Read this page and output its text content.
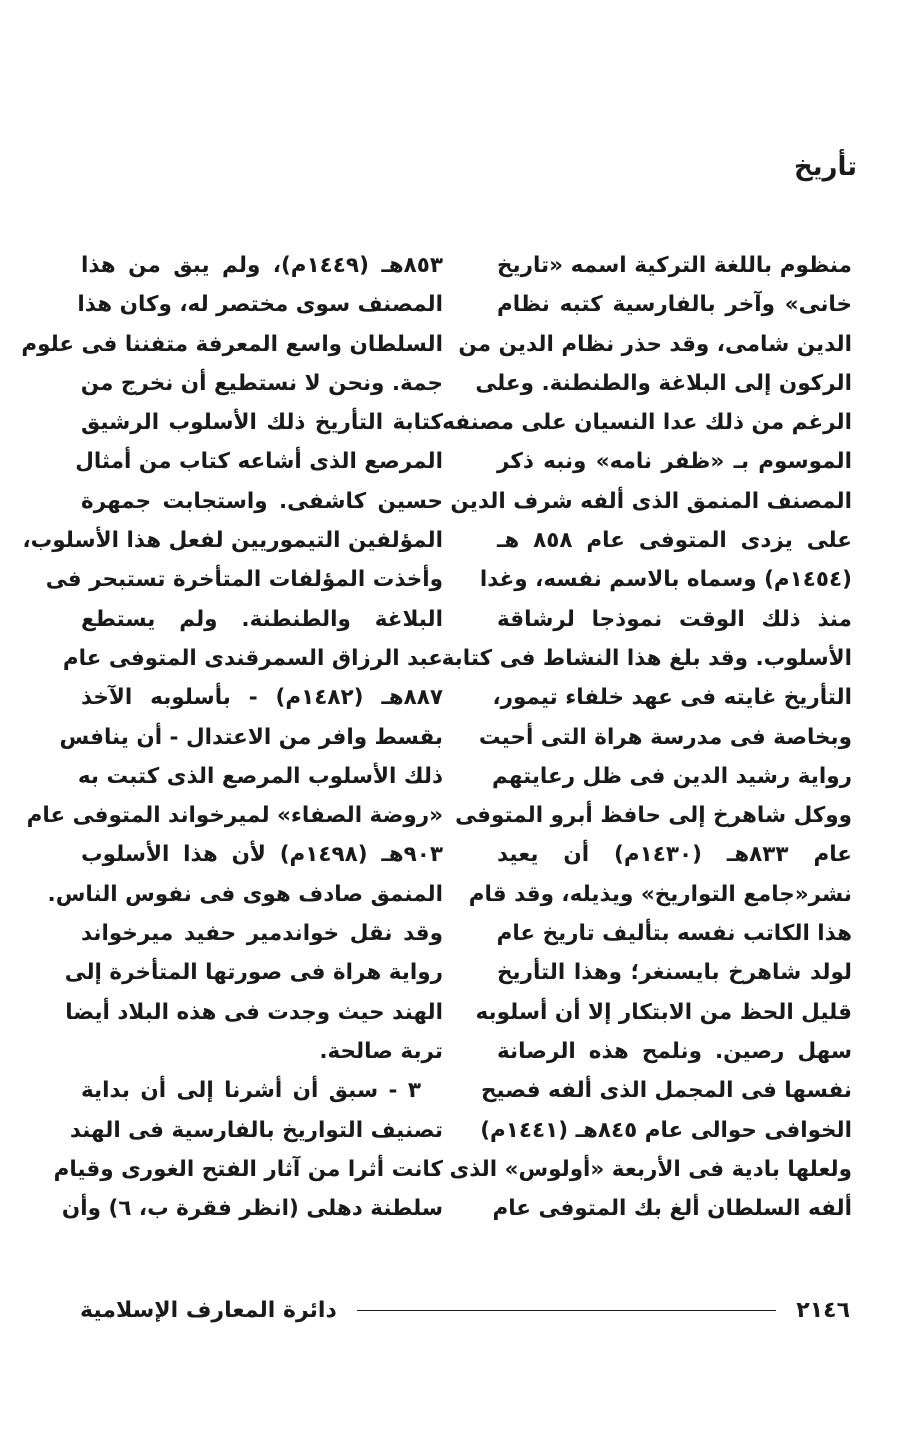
تأريخ
منظوم باللغة التركية اسمه «تاريخ
خانى» وآخر بالفارسية كتبه نظام
الدين شامى، وقد حذر نظام الدين من
الركون إلى البلاغة والطنطنة. وعلى
الرغم من ذلك عدا النسيان على مصنفه
الموسوم بـ «ظفر نامه» ونبه ذكر
المصنف المنمق الذى ألفه شرف الدين
على يزدى المتوفى عام ٨٥٨ هـ
(١٤٥٤م) وسماه بالاسم نفسه، وغدا
منذ ذلك الوقت نموذجا لرشاقة
الأسلوب. وقد بلغ هذا النشاط فى كتابة
التأريخ غايته فى عهد خلفاء تيمور،
وبخاصة فى مدرسة هراة التى أحيت
رواية رشيد الدين فى ظل رعايتهم
ووكل شاهرخ إلى حافظ أبرو المتوفى
عام ٨٣٣هـ (١٤٣٠م) أن يعيد
نشر«جامع التواريخ» ويذيله، وقد قام
هذا الكاتب نفسه بتأليف تاريخ عام
لولد شاهرخ بايسنغر؛ وهذا التأريخ
قليل الحظ من الابتكار إلا أن أسلوبه
سهل رصين. ونلمح هذه الرصانة
نفسها فى المجمل الذى ألفه فصيح
الخوافى حوالى عام ٨٤٥هـ (١٤٤١م)
ولعلها بادية فى الأربعة «أولوس» الذى
ألفه السلطان ألغ بك المتوفى عام
٨٥٣هـ (١٤٤٩م)، ولم يبق من هذا
المصنف سوى مختصر له، وكان هذا
السلطان واسع المعرفة متفننا فى علوم
جمة. ونحن لا نستطيع أن نخرج من
كتابة التأريخ ذلك الأسلوب الرشيق
المرصع الذى أشاعه كتاب من أمثال
حسين كاشفى. واستجابت جمهرة
المؤلفين التيموريين لفعل هذا الأسلوب،
وأخذت المؤلفات المتأخرة تستبحر فى
البلاغة والطنطنة. ولم يستطع
عبد الرزاق السمرقندى المتوفى عام
٨٨٧هـ (١٤٨٢م) - بأسلوبه الآخذ
بقسط وافر من الاعتدال - أن ينافس
ذلك الأسلوب المرصع الذى كتبت به
«روضة الصفاء» لميرخواند المتوفى عام
٩٠٣هـ (١٤٩٨م) لأن هذا الأسلوب
المنمق صادف هوى فى نفوس الناس.
وقد نقل خواندمير حفيد ميرخواند
رواية هراة فى صورتها المتأخرة إلى
الهند حيث وجدت فى هذه البلاد أيضا
تربة صالحة.
٣ - سبق أن أشرنا إلى أن بداية
تصنيف التواريخ بالفارسية فى الهند
كانت أثرا من آثار الفتح الغورى وقيام
سلطنة دهلى (انظر فقرة ب، ٦) وأن
٢١٤٦
دائرة المعارف الإسلامية
